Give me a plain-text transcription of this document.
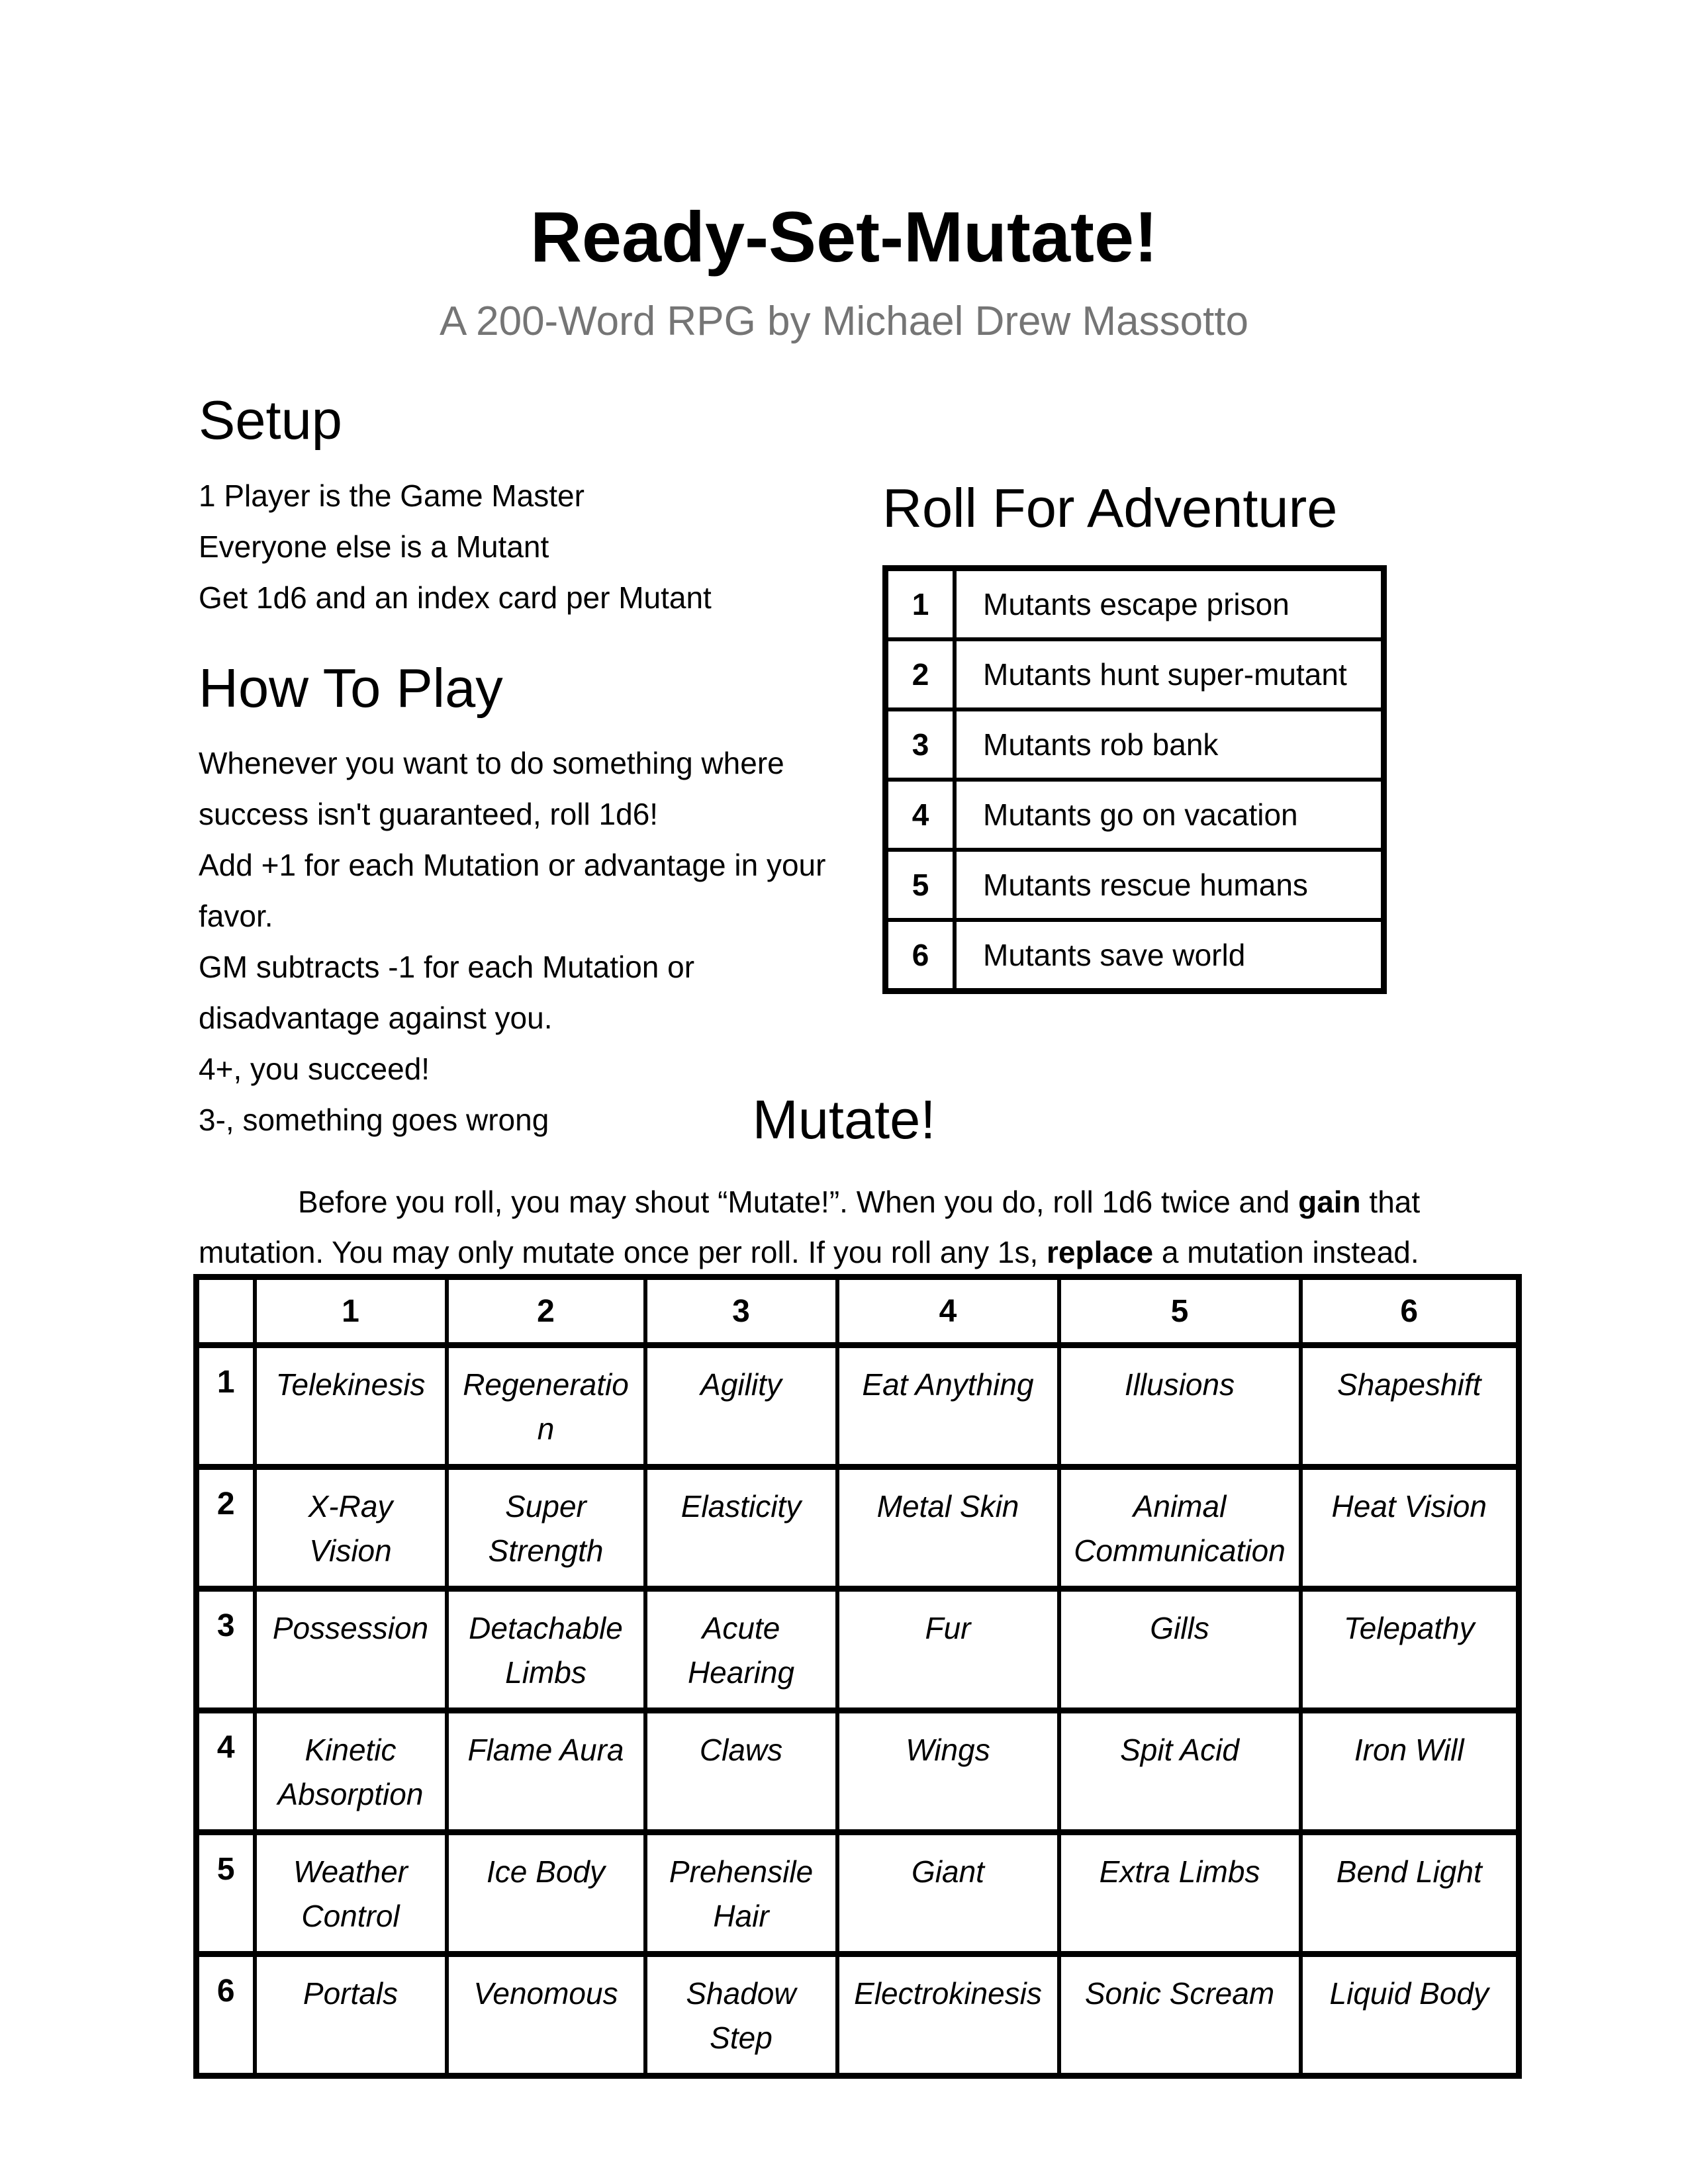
Ready-Set-Mutate!
A 200-Word RPG by Michael Drew Massotto
Setup

1 Player is the Game Master

Everyone else is a Mutant

Get 1d6 and an index card per Mutant

How To Play

Whenever you want to do something where success isn't guaranteed, roll 1d6!

Add +1 for each Mutation or advantage in your favor.

GM subtracts -1 for each Mutation or disadvantage against you.

4+, you succeed!

3-, something goes wrong

Roll For Adventure
1	Mutants escape prison
2	Mutants hunt super-mutant
3	Mutants rob bank
4	Mutants go on vacation
5	Mutants rescue humans
6	Mutants save world
Mutate!

Before you roll, you may shout “Mutate!”. When you do, roll 1d6 twice and gain that mutation. You may only mutate once per roll. If you roll any 1s, replace a mutation instead.

	1	2	3	4	5	6
1	Telekinesis	Regeneration	Agility	Eat Anything	Illusions	Shapeshift
2	X-Ray Vision	Super Strength	Elasticity	Metal Skin	Animal Communication	Heat Vision
3	Possession	Detachable Limbs	Acute Hearing	Fur	Gills	Telepathy
4	Kinetic Absorption	Flame Aura	Claws	Wings	Spit Acid	Iron Will
5	Weather Control	Ice Body	Prehensile Hair	Giant	Extra Limbs	Bend Light
6	Portals	Venomous	Shadow Step	Electrokinesis	Sonic Scream	Liquid Body
